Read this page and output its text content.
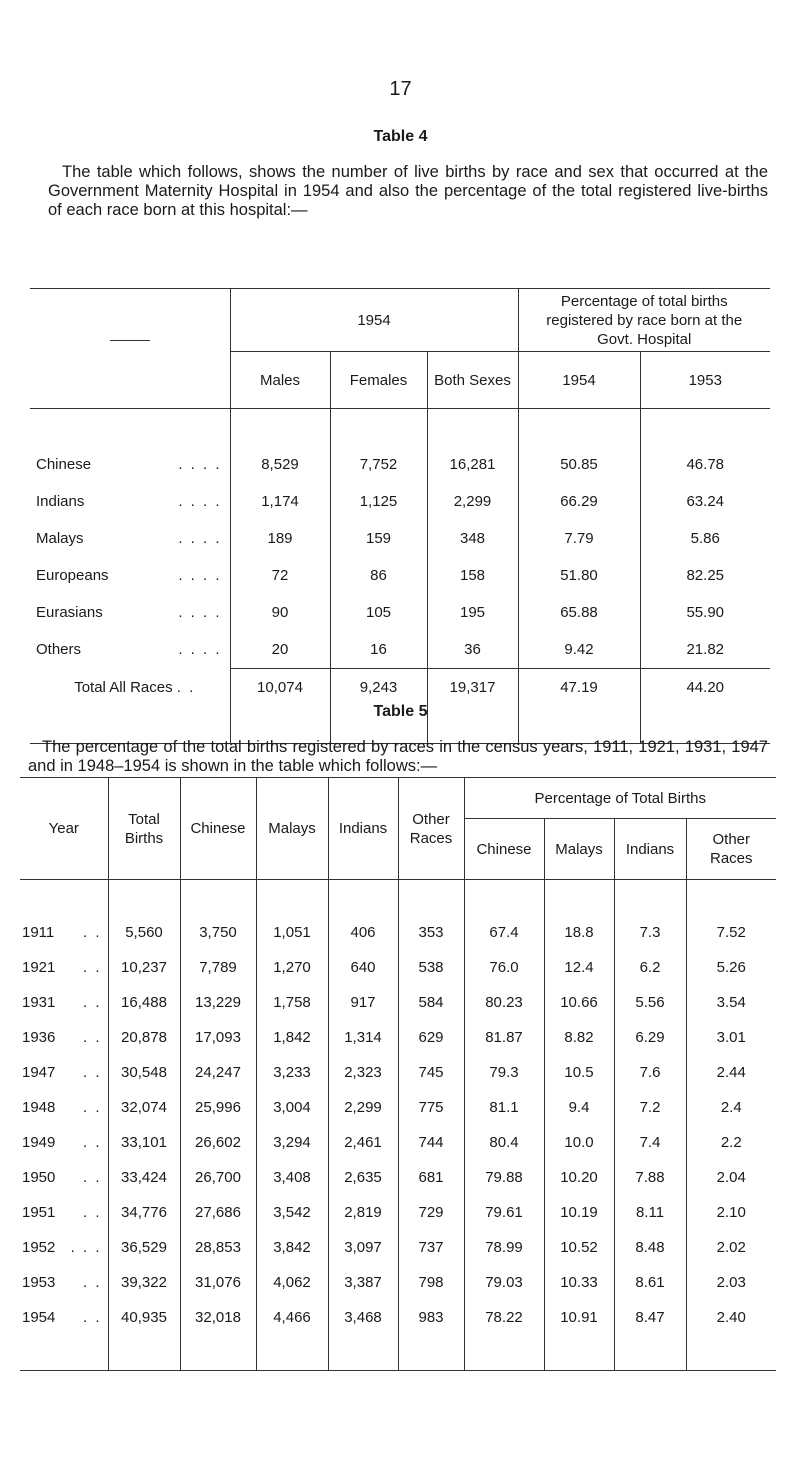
17
Table 4
The table which follows, shows the number of live births by race and sex that occurred at the Government Maternity Hospital in 1954 and also the percentage of the total registered live-births of each race born at this hospital:—
	1954			Percentage of total births registered by race born at the Govt. Hospital	
	Males	Females	Both Sexes	1954	1953

Chinese . . . .	8,529	7,752	16,281	50.85	46.78
Indians . . . .	1,174	1,125	2,299	66.29	63.24
Malays . . . .	189	159	348	7.79	5.86
Europeans . . . .	72	86	158	51.80	82.25
Eurasians . . . .	90	105	195	65.88	55.90
Others . . . .	20	16	36	9.42	21.82
Total All Races . .	10,074	9,243	19,317	47.19	44.20

Table 5
The percentage of the total births registered by races in the census years, 1911, 1921, 1931, 1947 and in 1948–1954 is shown in the table which follows:—
Year	Total Births	Chinese	Malays	Indians	Other Races	Percentage of Total Births			
						Chinese	Malays	Indians	Other Races

1911 . .	5,560	3,750	1,051	406	353	67.4	18.8	7.3	7.52
1921 . .	10,237	7,789	1,270	640	538	76.0	12.4	6.2	5.26
1931 . .	16,488	13,229	1,758	917	584	80.23	10.66	5.56	3.54
1936 . .	20,878	17,093	1,842	1,314	629	81.87	8.82	6.29	3.01
1947 . .	30,548	24,247	3,233	2,323	745	79.3	10.5	7.6	2.44
1948 . .	32,074	25,996	3,004	2,299	775	81.1	9.4	7.2	2.4
1949 . .	33,101	26,602	3,294	2,461	744	80.4	10.0	7.4	2.2
1950 . .	33,424	26,700	3,408	2,635	681	79.88	10.20	7.88	2.04
1951 . .	34,776	27,686	3,542	2,819	729	79.61	10.19	8.11	2.10
1952 . . .	36,529	28,853	3,842	3,097	737	78.99	10.52	8.48	2.02
1953 . .	39,322	31,076	4,062	3,387	798	79.03	10.33	8.61	2.03
1954 . .	40,935	32,018	4,466	3,468	983	78.22	10.91	8.47	2.40
